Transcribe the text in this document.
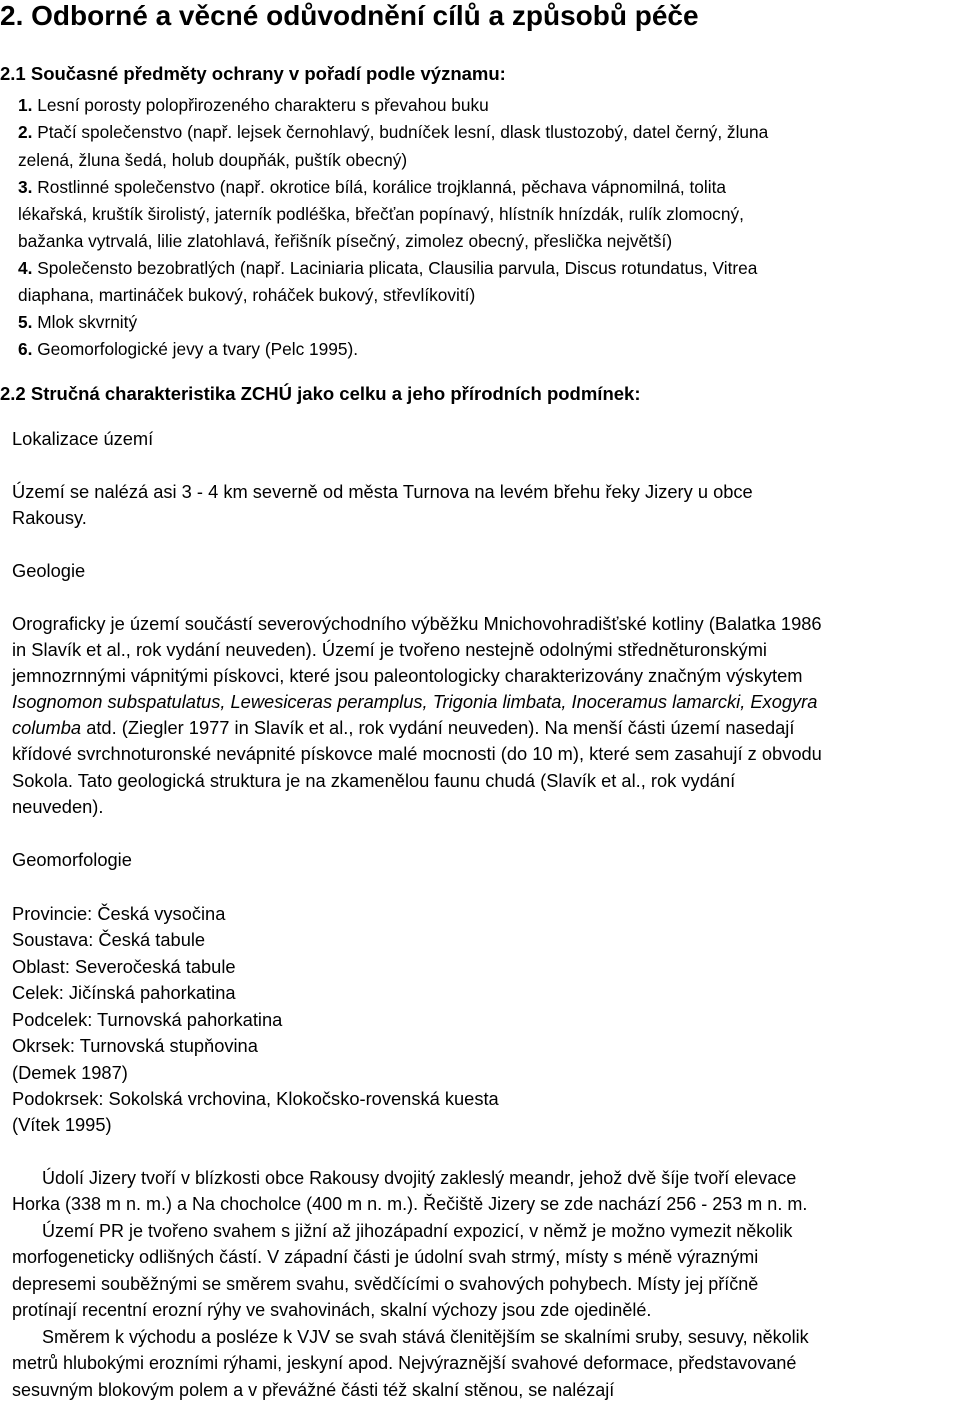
2. Odborné a věcné odůvodnění cílů a způsobů péče
2.1 Současné předměty ochrany v pořadí podle významu:
1. Lesní porosty polopřirozeného charakteru s převahou buku
2. Ptačí společenstvo (např. lejsek černohlavý, budníček lesní, dlask tlustozobý, datel černý, žluna
zelená, žluna šedá, holub doupňák, puštík obecný)
3. Rostlinné společenstvo (např. okrotice bílá, korálice trojklanná, pěchava vápnomilná, tolita
lékařská, kruštík širolistý, jaterník podléška, břečťan popínavý, hlístník hnízdák, rulík zlomocný,
bažanka vytrvalá, lilie zlatohlavá, řeřišník písečný, zimolez obecný, přeslička největší)
4. Společensto bezobratlých (např. Laciniaria plicata, Clausilia parvula, Discus rotundatus, Vitrea
diaphana, martináček bukový, roháček bukový, střevlíkovití)
5. Mlok skvrnitý
6. Geomorfologické jevy a tvary (Pelc 1995).
2.2 Stručná charakteristika ZCHÚ jako celku a jeho přírodních podmínek:
Lokalizace území
Území se nalézá asi 3 - 4 km severně od města Turnova na levém břehu řeky Jizery u obce
Rakousy.
Geologie
Orograficky je území součástí severovýchodního výběžku Mnichovohradišťské kotliny (Balatka 1986
in Slavík et al., rok vydání neuveden). Území je tvořeno nestejně odolnými středněturonskými
jemnozrnnými vápnitými pískovci, které jsou paleontologicky charakterizovány značným výskytem
Isognomon subspatulatus, Lewesiceras peramplus, Trigonia limbata, Inoceramus lamarcki, Exogyra
columba atd. (Ziegler 1977 in Slavík et al., rok vydání neuveden). Na menší části území nasedají
křídové svrchnoturonské nevápnité pískovce malé mocnosti (do 10 m), které sem zasahují z obvodu
Sokola. Tato geologická struktura je na zkamenělou faunu chudá (Slavík et al., rok vydání
neuveden).
Geomorfologie
Provincie: Česká vysočina
Soustava: Česká tabule
Oblast: Severočeská tabule
Celek: Jičínská pahorkatina
Podcelek: Turnovská pahorkatina
Okrsek: Turnovská stupňovina
(Demek 1987)
Podokrsek: Sokolská vrchovina, Klokočsko-rovenská kuesta
(Vítek 1995)
Údolí Jizery tvoří v blízkosti obce Rakousy dvojitý zakleslý meandr, jehož dvě šíje tvoří elevace
Horka (338 m n. m.) a Na chocholce (400 m n. m.). Řečiště Jizery se zde nachází 256 - 253 m n. m.
Území PR je tvořeno svahem s jižní až jihozápadní expozicí, v němž je možno vymezit několik
morfogeneticky odlišných částí. V západní části je údolní svah strmý, místy s méně výraznými
depresemi souběžnými se směrem svahu, svědčícími o svahových pohybech. Místy jej příčně
protínají recentní erozní rýhy ve svahovinách, skalní výchozy jsou zde ojedinělé.
Směrem k východu a posléze k VJV se svah stává členitějším se skalními sruby, sesuvy, několik
metrů hlubokými erozními rýhami, jeskyní apod. Nejvýraznější svahové deformace, představované
sesuvným blokovým polem a v převážné části též skalní stěnou, se nalézají
